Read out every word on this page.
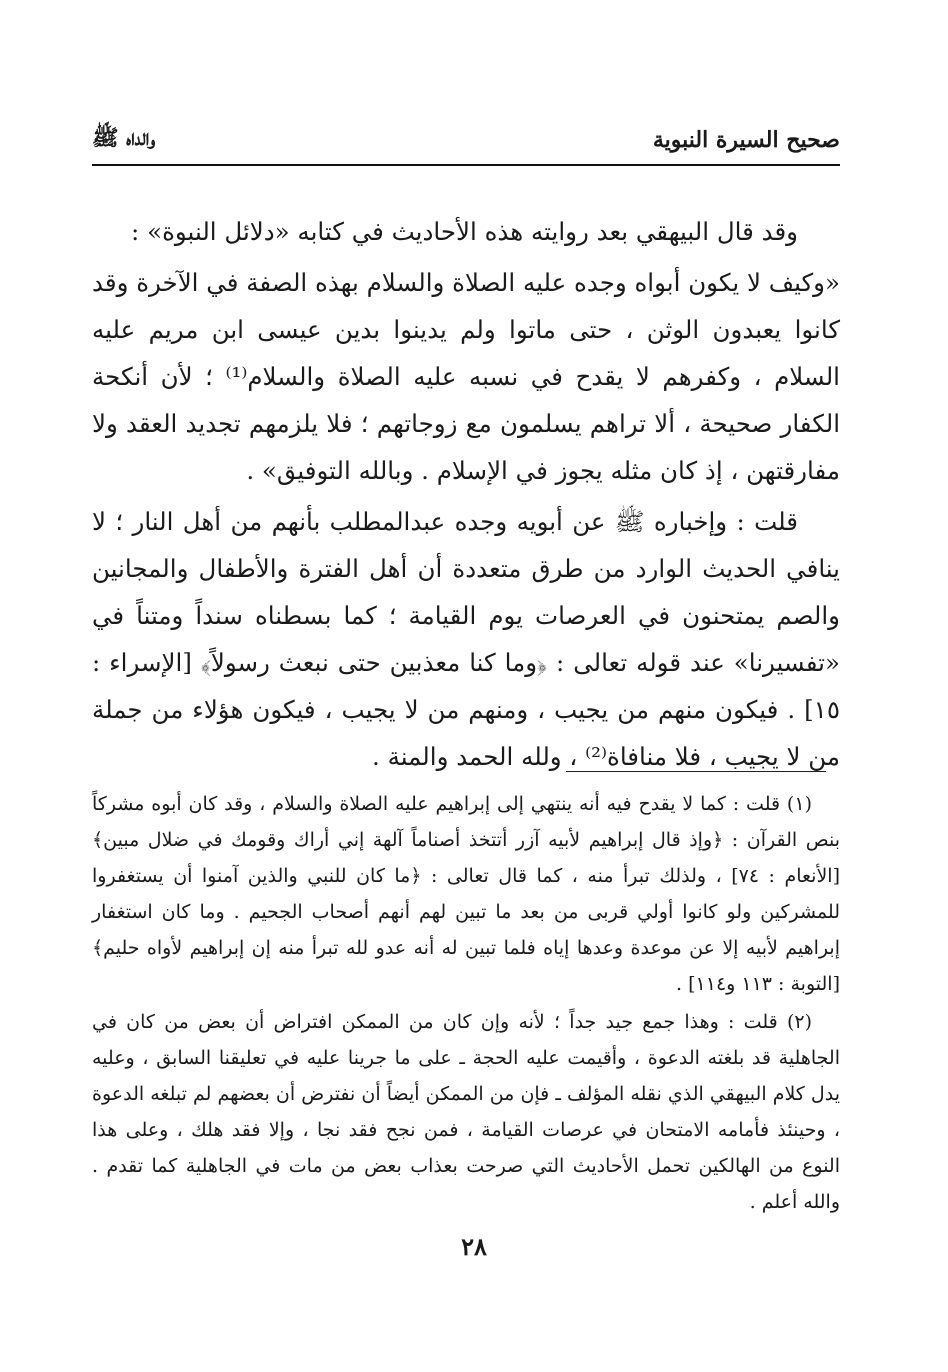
صحيح السيرة النبوية
والداه ﷺ

وقد قال البيهقي بعد روايته هذه الأحاديث في كتابه «دلائل النبوة» :

«وكيف لا يكون أبواه وجده عليه الصلاة والسلام بهذه الصفة في الآخرة وقد كانوا يعبدون الوثن ، حتى ماتوا ولم يدينوا بدين عيسى ابن مريم عليه السلام ، وكفرهم لا يقدح في نسبه عليه الصلاة والسلام⁽¹⁾ ؛ لأن أنكحة الكفار صحيحة ، ألا تراهم يسلمون مع زوجاتهم ؛ فلا يلزمهم تجديد العقد ولا مفارقتهن ، إذ كان مثله يجوز في الإسلام . وبالله التوفيق» .

قلت : وإخباره ﷺ عن أبويه وجده عبدالمطلب بأنهم من أهل النار ؛ لا ينافي الحديث الوارد من طرق متعددة أن أهل الفترة والأطفال والمجانين والصم يمتحنون في العرصات يوم القيامة ؛ كما بسطناه سنداً ومتناً في «تفسيرنا» عند قوله تعالى : ﴿وما كنا معذبين حتى نبعث رسولاً﴾ [الإسراء : ١٥] . فيكون منهم من يجيب ، ومنهم من لا يجيب ، فيكون هؤلاء من جملة من لا يجيب ، فلا منافاة⁽²⁾ ، ولله الحمد والمنة .

(١) قلت : كما لا يقدح فيه أنه ينتهي إلى إبراهيم عليه الصلاة والسلام ، وقد كان أبوه مشركاً بنص القرآن : ﴿وإذ قال إبراهيم لأبيه آزر أتتخذ أصناماً آلهة إني أراك وقومك في ضلال مبين﴾ [الأنعام : ٧٤] ، ولذلك تبرأ منه ، كما قال تعالى : ﴿ما كان للنبي والذين آمنوا أن يستغفروا للمشركين ولو كانوا أولي قربى من بعد ما تبين لهم أنهم أصحاب الجحيم . وما كان استغفار إبراهيم لأبيه إلا عن موعدة وعدها إياه فلما تبين له أنه عدو لله تبرأ منه إن إبراهيم لأواه حليم﴾ [التوبة : ١١٣ و١١٤] .

(٢) قلت : وهذا جمع جيد جداً ؛ لأنه وإن كان من الممكن افتراض أن بعض من كان في الجاهلية قد بلغته الدعوة ، وأقيمت عليه الحجة ـ على ما جرينا عليه في تعليقنا السابق ، وعليه يدل كلام البيهقي الذي نقله المؤلف ـ فإن من الممكن أيضاً أن نفترض أن بعضهم لم تبلغه الدعوة ، وحينئذ فأمامه الامتحان في عرصات القيامة ، فمن نجح فقد نجا ، وإلا فقد هلك ، وعلى هذا النوع من الهالكين تحمل الأحاديث التي صرحت بعذاب بعض من مات في الجاهلية كما تقدم . والله أعلم .

٢٨
